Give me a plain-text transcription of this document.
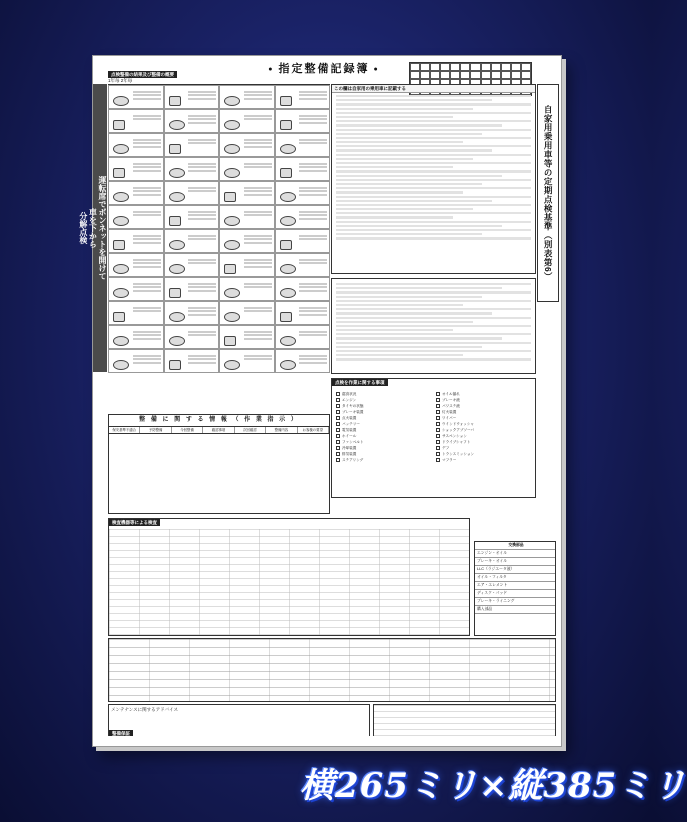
点検整備の結果及び整備の概要
1年毎 2年毎
● 指定整備記録簿 ●
運転席でボンネットを開けて
車を下から
分解点検
この欄は自家用の乗用車に記載する
自家用乗用車等の定期点検基準（別表第6）
点検を作業に関する事項
腐食状況
エンジン
タイヤの状態
ブレーキ装置
点火装置
バッテリー
電気装置
ホイール
ファンベルト
冷却装置
排気装置
ステアリング
オイル漏れ
ブレーキ液
パワステ液
灯火装置
ワイパー
ウインドウォッシャ
ショックアブソーバ
サスペンション
ドライブシャフト
デフ
トランスミッション
マフラー
整 備 に 関 す る 情 報 （ 作 業 指 示 ）
保安基準不適合	予防整備	今回整備	確認事項	次回確認	整備内容	お客様の要望
検査機器等による検査
交換部品
エンジン・オイル
ブレーキ・オイル
LLC（ラジエータ液）
オイル・フィルタ
エア・エレメント
ディスク・パッド
ブレーキ・ライニング
購入部品
メンテナンスに関するアドバイス
整備保証
横265ミリ×縦385ミリ
